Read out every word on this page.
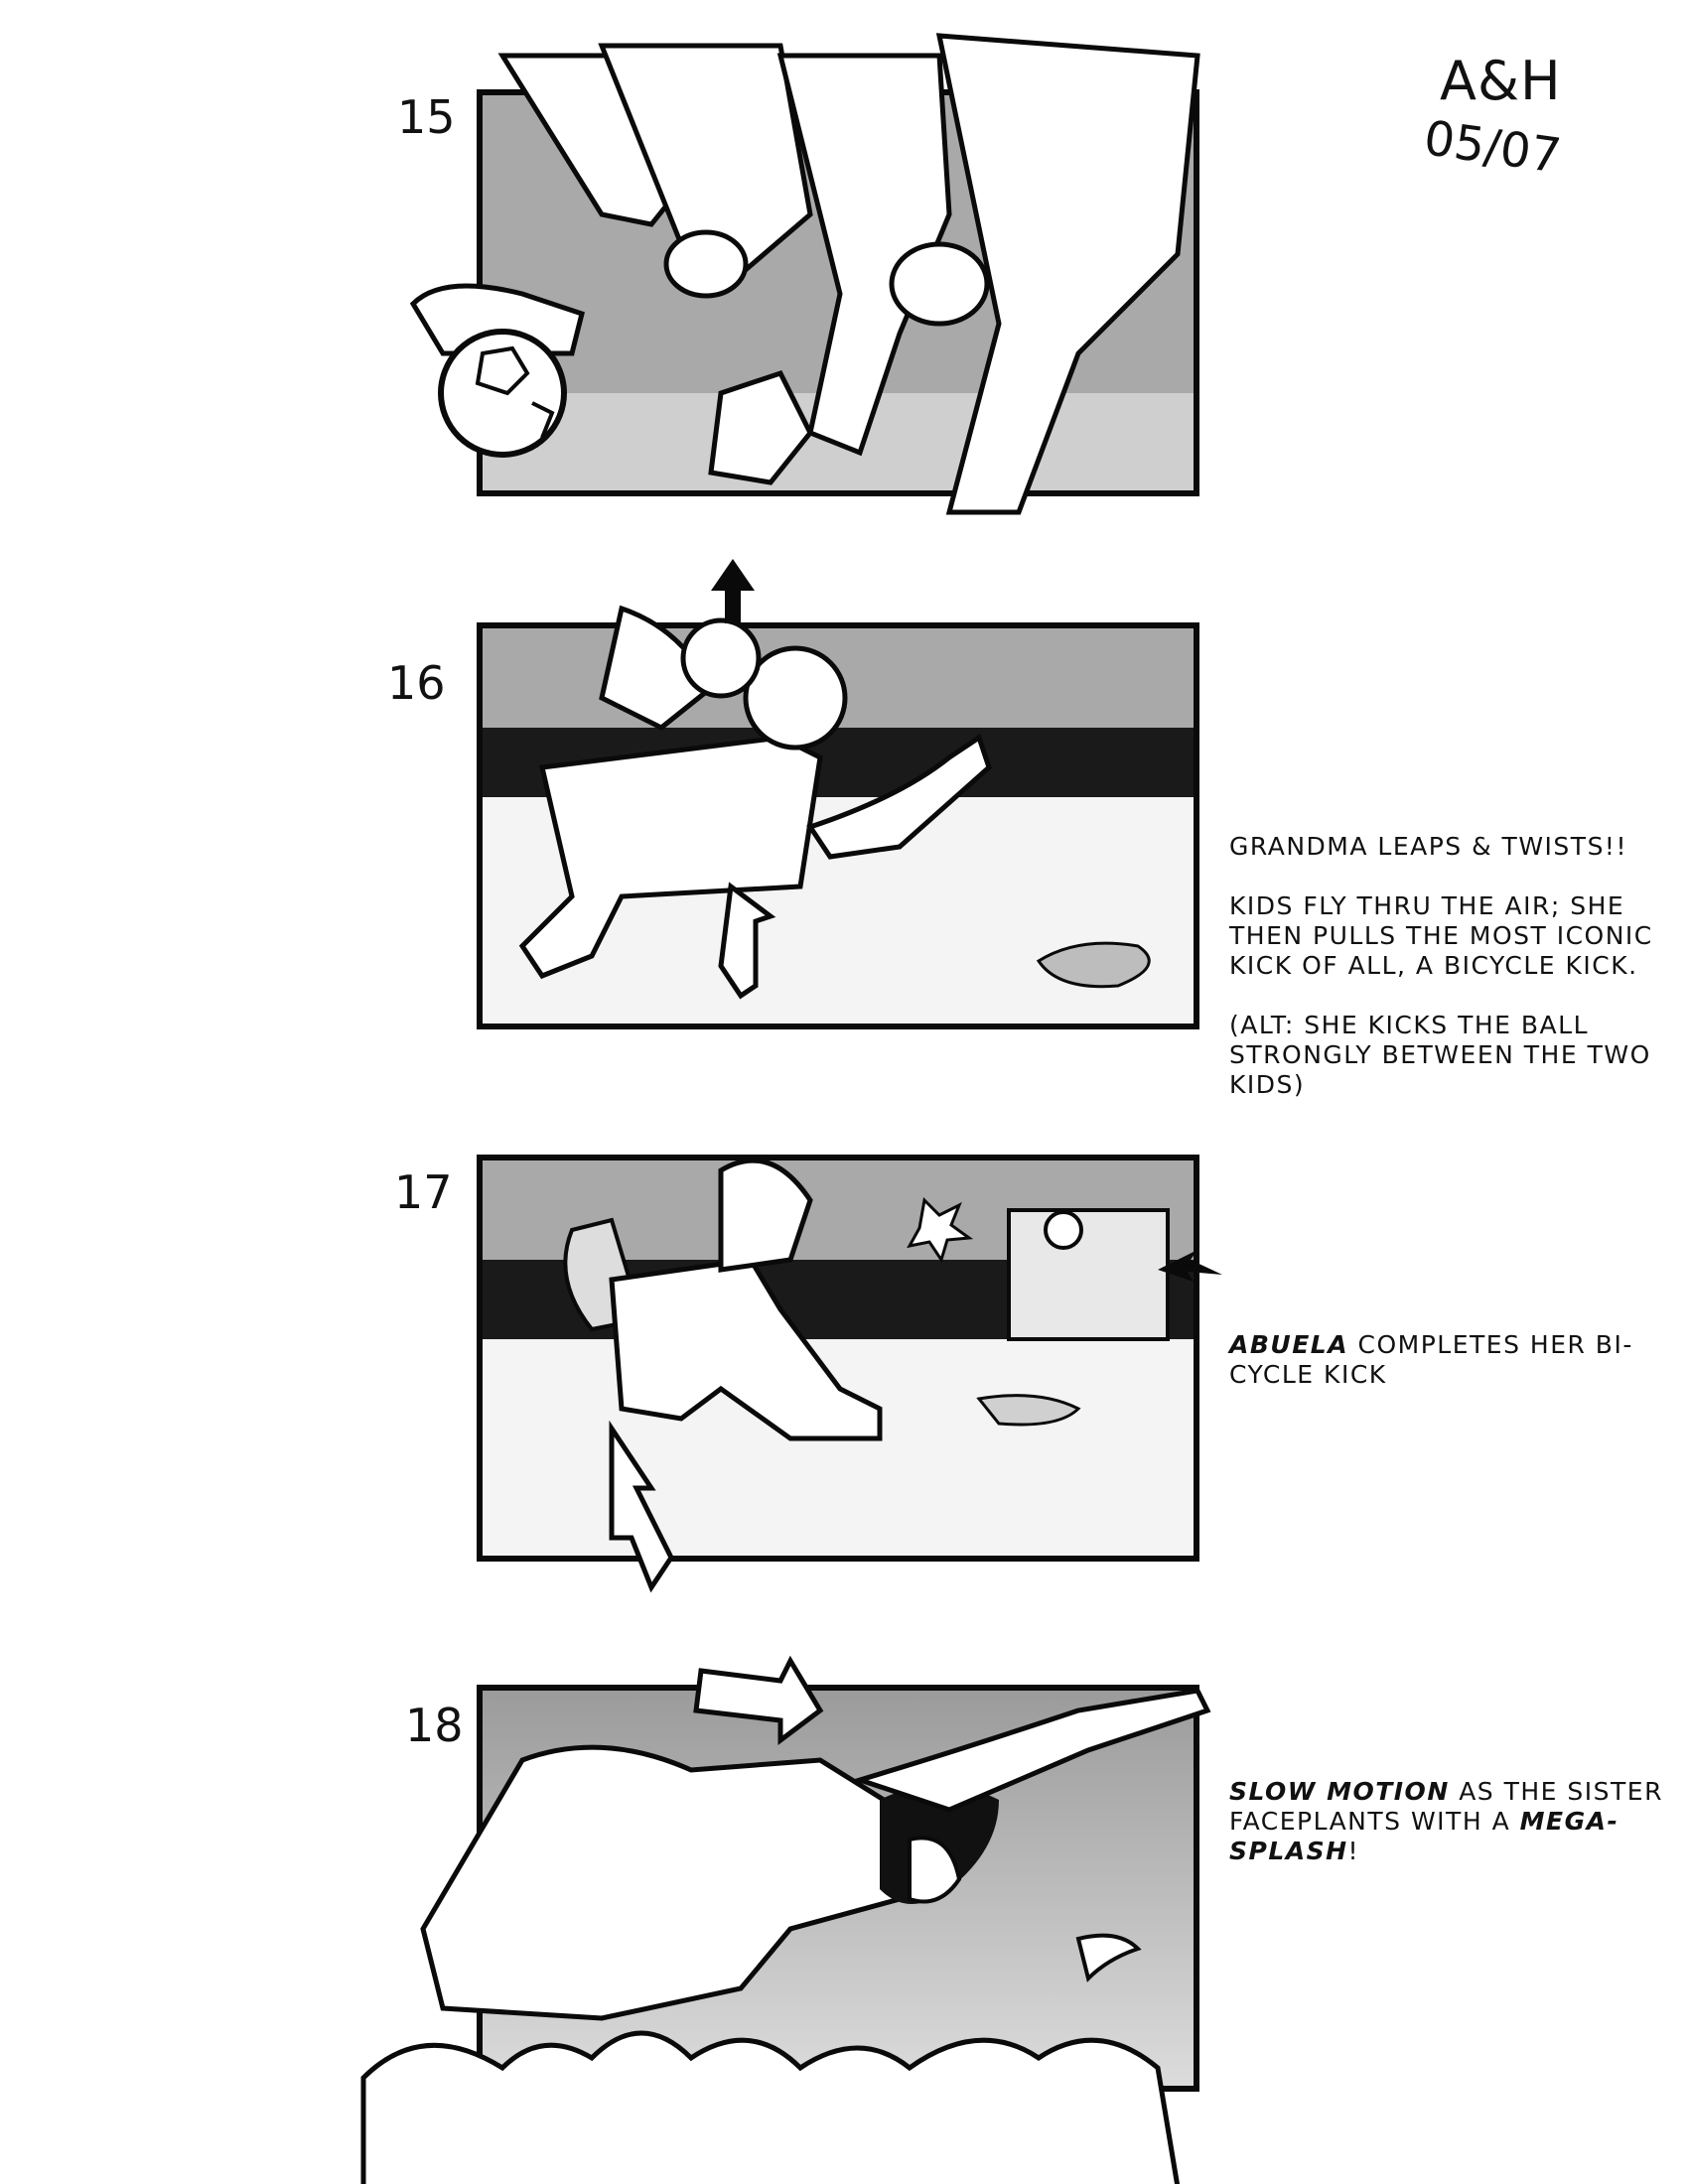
A&H
05/07
15
16

GRANDMA LEAPS & TWISTS!!

KIDS FLY THRU THE AIR; SHE THEN PULLS THE MOST ICONIC KICK OF ALL, A BICYCLE KICK.

(ALT: SHE KICKS THE BALL STRONGLY BETWEEN THE TWO KIDS)

17

ABUELA COMPLETES HER BI-CYCLE KICK

18

SLOW MOTION AS THE SISTER FACEPLANTS WITH A MEGA-SPLASH!
